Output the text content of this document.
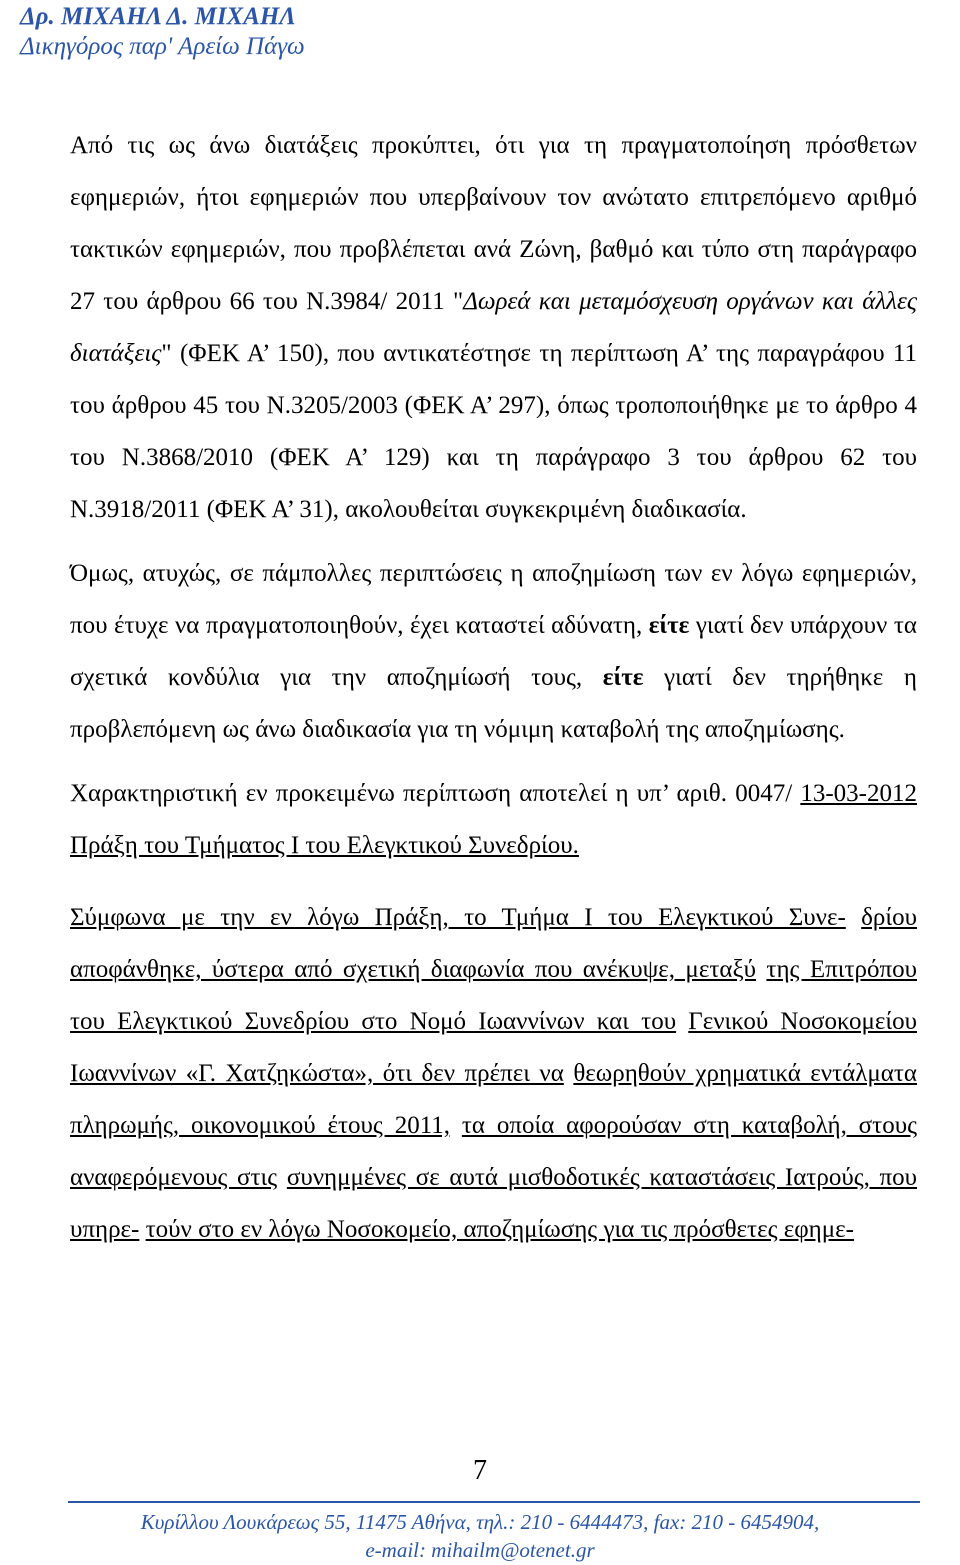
Δρ. ΜΙΧΑΗΛ Δ. ΜΙΧΑΗΛ
Δικηγόρος παρ' Αρείω Πάγω

Από τις ως άνω διατάξεις προκύπτει, ότι για τη πραγματοποίηση πρόσθετων εφημεριών, ήτοι εφημεριών που υπερβαίνουν τον ανώτατο επιτρεπόμενο αριθμό τακτικών εφημεριών, που προβλέπεται ανά Ζώνη, βαθμό και τύπο στη παράγραφο 27 του άρθρου 66 του Ν.3984/ 2011 "Δωρεά και μεταμόσχευση οργάνων και άλλες διατάξεις" (ΦΕΚ Α’ 150), που αντικατέστησε τη περίπτωση Α’ της παραγράφου 11 του άρθρου 45 του Ν.3205/2003 (ΦΕΚ Α’ 297), όπως τροποποιήθηκε με το άρθρο 4 του Ν.3868/2010 (ΦΕΚ Α’ 129) και τη παράγραφο 3 του άρθρου 62 του Ν.3918/2011 (ΦΕΚ Α’ 31), ακολουθείται συγκεκριμένη διαδικασία.

Όμως, ατυχώς, σε πάμπολλες περιπτώσεις η αποζημίωση των εν λόγω εφημεριών, που έτυχε να πραγματοποιηθούν, έχει καταστεί αδύνατη, είτε γιατί δεν υπάρχουν τα σχετικά κονδύλια για την αποζημίωσή τους, είτε γιατί δεν τηρήθηκε η προβλεπόμενη ως άνω διαδικασία για τη νόμιμη καταβολή της αποζημίωσης.

Χαρακτηριστική εν προκειμένω περίπτωση αποτελεί η υπ’ αριθ. 0047/ 13-03-2012 Πράξη του Τμήματος Ι του Ελεγκτικού Συνεδρίου.

Σύμφωνα με την εν λόγω Πράξη, το Τμήμα Ι του Ελεγκτικού Συνε- δρίου αποφάνθηκε, ύστερα από σχετική διαφωνία που ανέκυψε, μεταξύ της Επιτρόπου του Ελεγκτικού Συνεδρίου στο Νομό Ιωαννίνων και του Γενικού Νοσοκομείου Ιωαννίνων «Γ. Χατζηκώστα», ότι δεν πρέπει να θεωρηθούν χρηματικά εντάλματα πληρωμής, οικονομικού έτους 2011, τα οποία αφορούσαν στη καταβολή, στους αναφερόμενους στις συνημμένες σε αυτά μισθοδοτικές καταστάσεις Ιατρούς, που υπηρε- τούν στο εν λόγω Νοσοκομείο, αποζημίωσης για τις πρόσθετες εφημε-

7
Κυρίλλου Λουκάρεως 55, 11475 Αθήνα, τηλ.: 210 - 6444473, fax: 210 - 6454904,
e-mail: mihailm@otenet.gr
